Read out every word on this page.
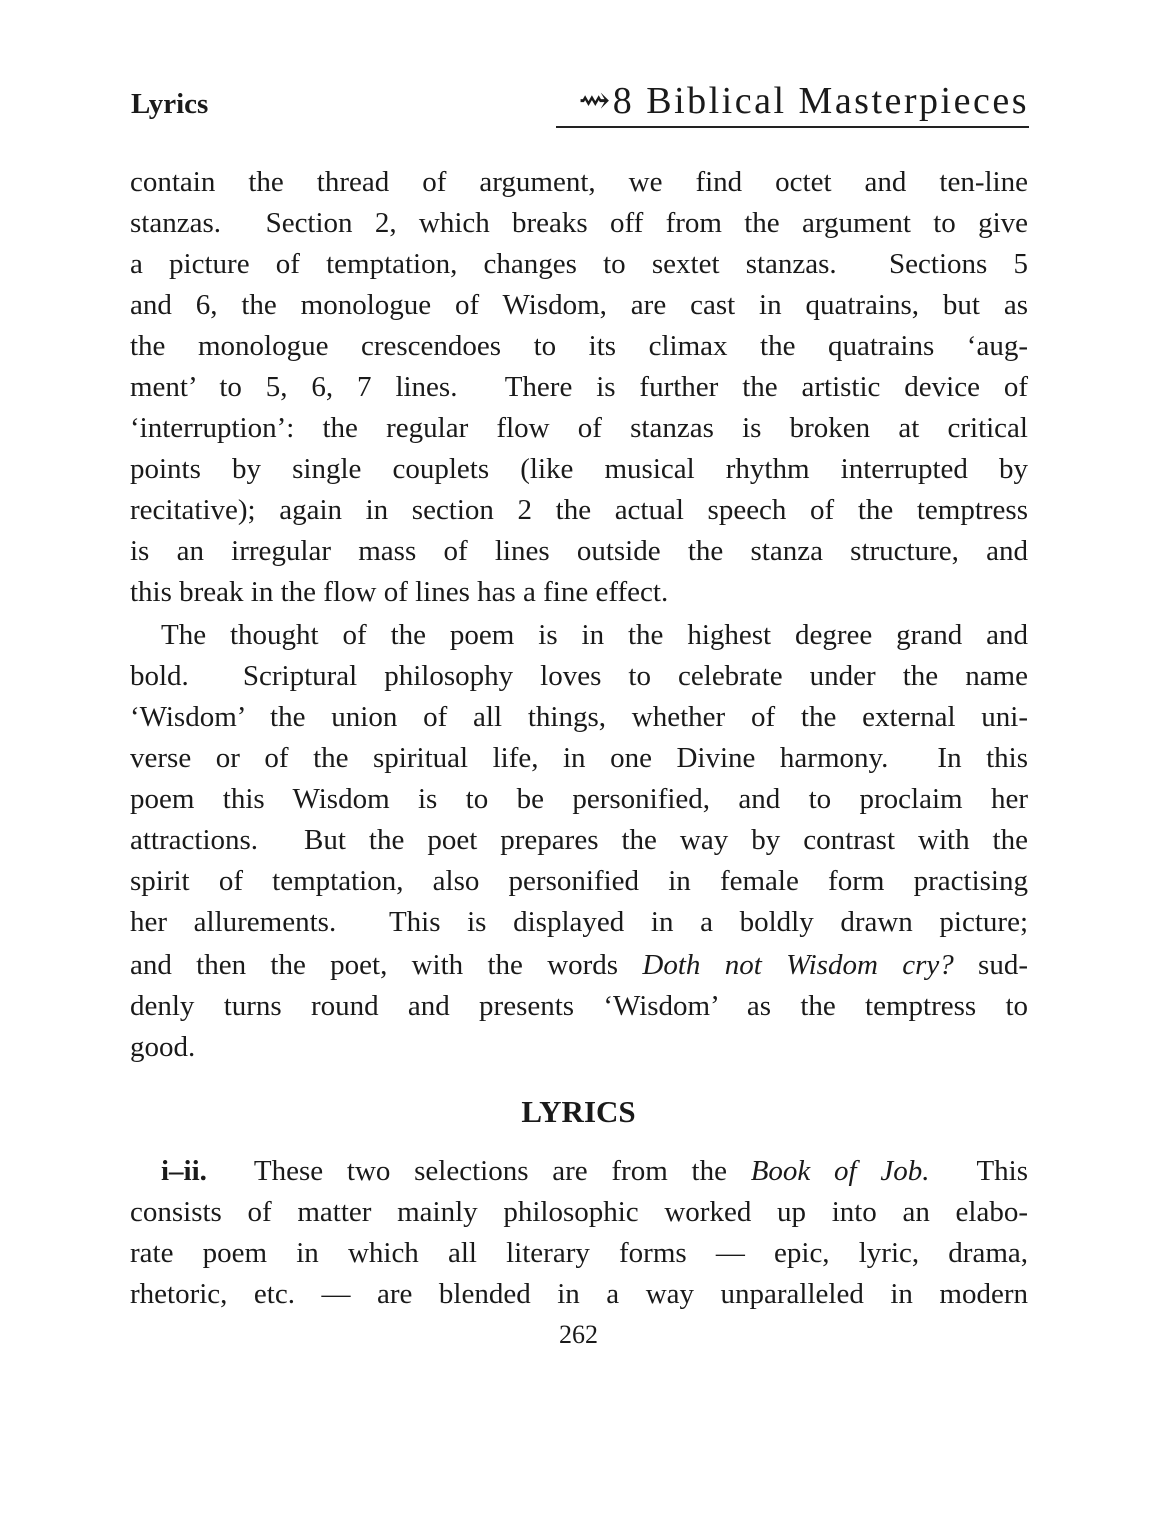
Lyrics	⇝8 Biblical Masterpieces
contain the thread of argument, we find octet and ten-line
stanzas.  Section 2, which breaks off from the argument to give
a picture of temptation, changes to sextet stanzas.  Sections 5
and 6, the monologue of Wisdom, are cast in quatrains, but as
the monologue crescendoes to its climax the quatrains ‘aug-
ment’ to 5, 6, 7 lines.  There is further the artistic device of
‘interruption’: the regular flow of stanzas is broken at critical
points by single couplets (like musical rhythm interrupted by
recitative); again in section 2 the actual speech of the temptress
is an irregular mass of lines outside the stanza structure, and
this break in the flow of lines has a fine effect.
The thought of the poem is in the highest degree grand and
bold.  Scriptural philosophy loves to celebrate under the name
‘Wisdom’ the union of all things, whether of the external uni-
verse or of the spiritual life, in one Divine harmony.  In this
poem this Wisdom is to be personified, and to proclaim her
attractions.  But the poet prepares the way by contrast with the
spirit of temptation, also personified in female form practising
her allurements.  This is displayed in a boldly drawn picture;
and then the poet, with the words Doth not Wisdom cry? sud-
denly turns round and presents ‘Wisdom’ as the temptress to
good.
i–ii.  These two selections are from the Book of Job.  This
consists of matter mainly philosophic worked up into an elabo-
rate poem in which all literary forms — epic, lyric, drama,
rhetoric, etc. — are blended in a way unparalleled in modern
LYRICS
262
